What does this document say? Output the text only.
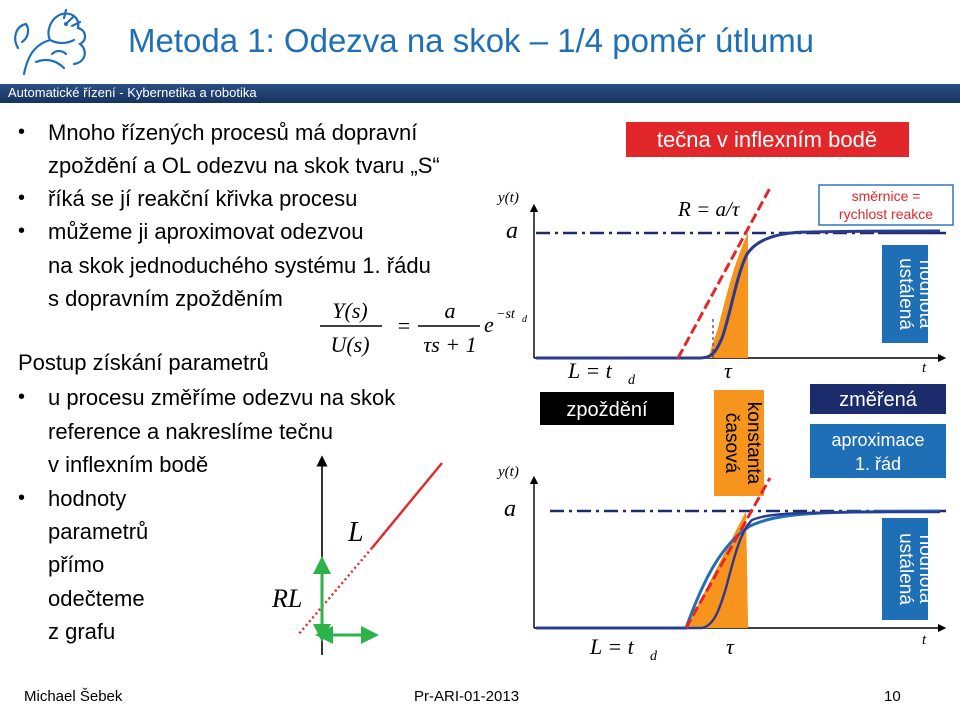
Metoda 1: Odezva na skok – 1/4 poměr útlumu
Automatické řízení - Kybernetika a robotika
• Mnoho řízených procesů má dopravní
zpoždění a OL odezvu na skok tvaru „S“
• říká se jí reakční křivka procesu
• můžeme ji aproximovat odezvou
na skok jednoduchého systému 1. řádu
s dopravním zpožděním
Postup získání parametrů
• u procesu změříme odezvu na skok
reference a nakreslíme tečnu
v inflexním bodě
• hodnoty
parametrů
přímo
odečteme
z grafu
Y(s)
U(s)
=
a
τs + 1
e −st d
L
RL
tečna v inflexním bodě
R = a/τ
směrnice =
rychlost reakce
y(t)
a
ustálená hodnota
t
L = t d	τ
zpoždění
časová konstanta
změřená
aproximace
1. řád
y(t)
a
ustálená hodnota
t
L = t d	τ
Michael Šebek	Pr-ARI-01-2013	10
